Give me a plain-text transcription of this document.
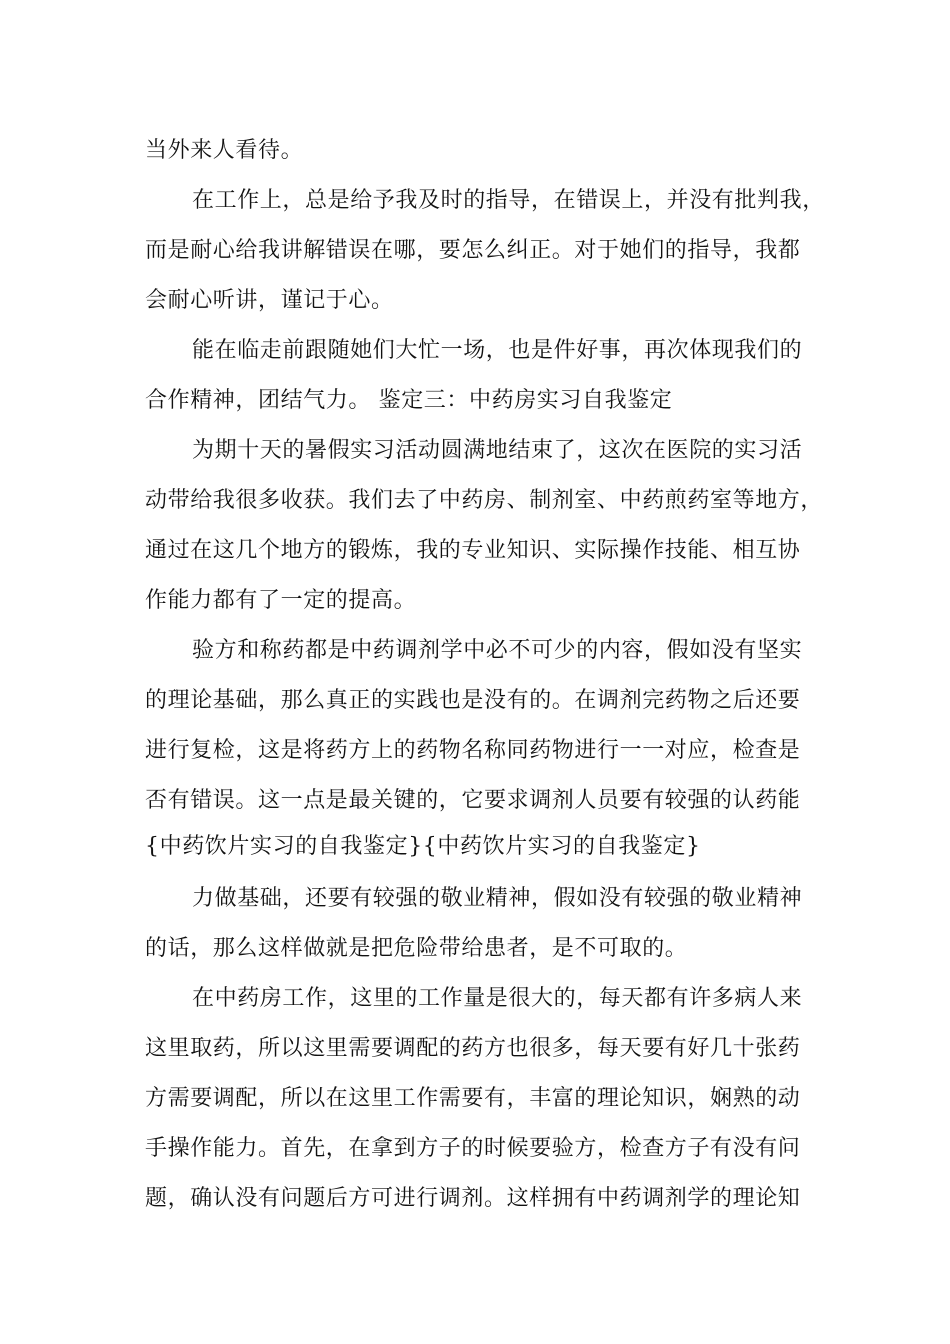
当外来人看待。
在工作上，总是给予我及时的指导，在错误上，并没有批判我，
而是耐心给我讲解错误在哪，要怎么纠正。对于她们的指导，我都
会耐心听讲，谨记于心。
能在临走前跟随她们大忙一场，也是件好事，再次体现我们的
合作精神，团结气力。 鉴定三：中药房实习自我鉴定
为期十天的暑假实习活动圆满地结束了，这次在医院的实习活
动带给我很多收获。我们去了中药房、制剂室、中药煎药室等地方，
通过在这几个地方的锻炼，我的专业知识、实际操作技能、相互协
作能力都有了一定的提高。
验方和称药都是中药调剂学中必不可少的内容，假如没有坚实
的理论基础，那么真正的实践也是没有的。在调剂完药物之后还要
进行复检，这是将药方上的药物名称同药物进行一一对应，检查是
否有错误。这一点是最关键的，它要求调剂人员要有较强的认药能
{中药饮片实习的自我鉴定}{中药饮片实习的自我鉴定}
力做基础，还要有较强的敬业精神，假如没有较强的敬业精神
的话，那么这样做就是把危险带给患者，是不可取的。
在中药房工作，这里的工作量是很大的，每天都有许多病人来
这里取药，所以这里需要调配的药方也很多，每天要有好几十张药
方需要调配，所以在这里工作需要有，丰富的理论知识，娴熟的动
手操作能力。首先，在拿到方子的时候要验方，检查方子有没有问
题，确认没有问题后方可进行调剂。这样拥有中药调剂学的理论知
